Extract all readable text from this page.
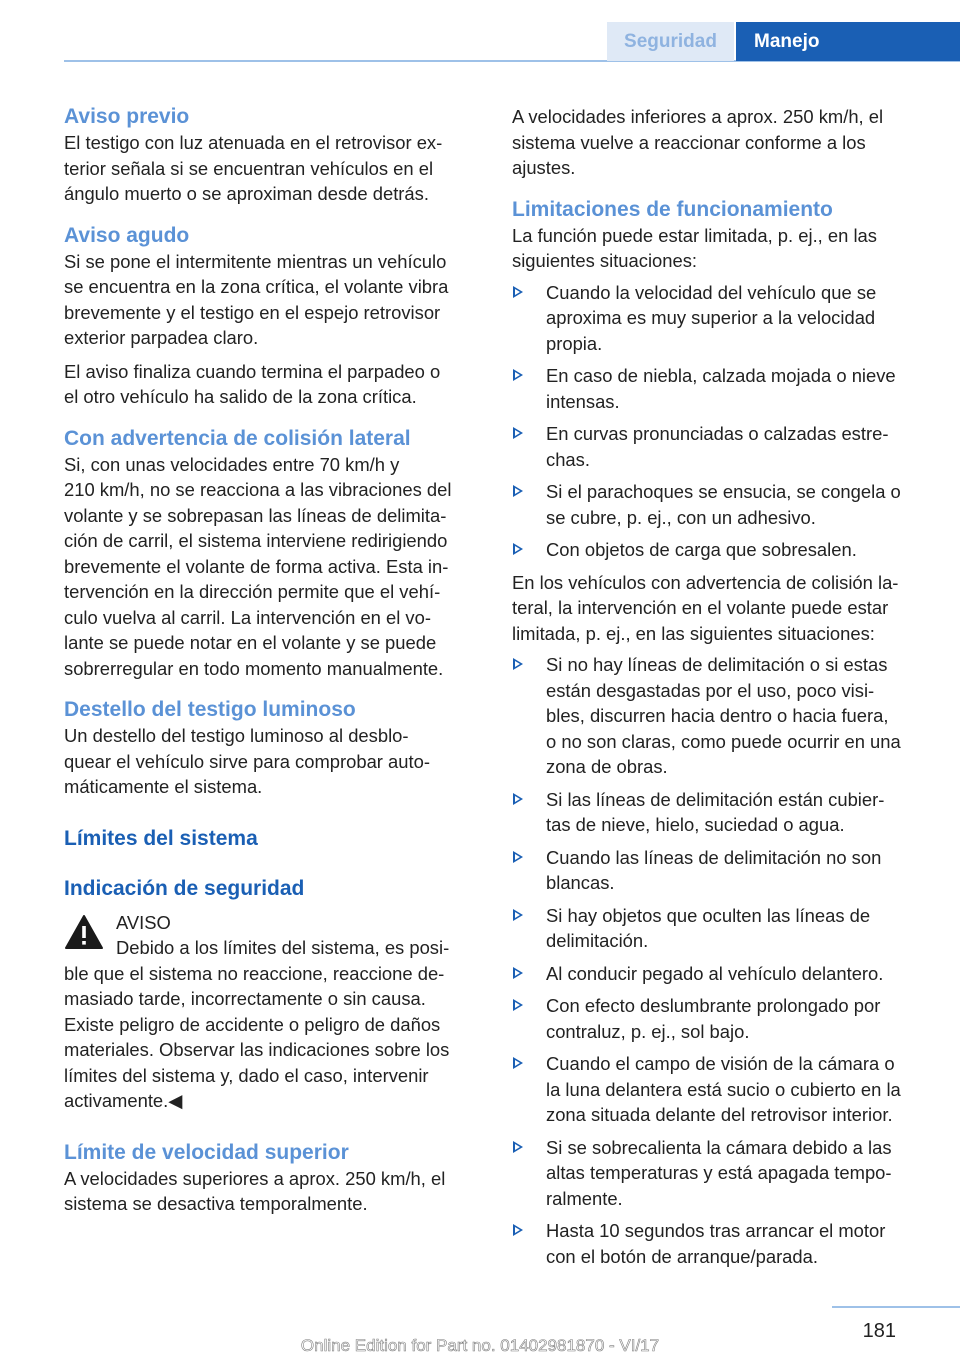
Seguridad	Manejo
Aviso previo

El testigo con luz atenuada en el retrovisor ex‐
terior señala si se encuentran vehículos en el
ángulo muerto o se aproximan desde detrás.

Aviso agudo

Si se pone el intermitente mientras un vehículo
se encuentra en la zona crítica, el volante vibra
brevemente y el testigo en el espejo retrovisor
exterior parpadea claro.

El aviso finaliza cuando termina el parpadeo o
el otro vehículo ha salido de la zona crítica.

Con advertencia de colisión lateral

Si, con unas velocidades entre 70 km/h y
210 km/h, no se reacciona a las vibraciones del
volante y se sobrepasan las líneas de delimita‐
ción de carril, el sistema interviene redirigiendo
brevemente el volante de forma activa. Esta in‐
tervención en la dirección permite que el vehí‐
culo vuelva al carril. La intervención en el vo‐
lante se puede notar en el volante y se puede
sobrerregular en todo momento manualmente.

Destello del testigo luminoso

Un destello del testigo luminoso al desblo‐
quear el vehículo sirve para comprobar auto‐
máticamente el sistema.

Límites del sistema
Indicación de seguridad

AVISO

Debido a los límites del sistema, es posi‐
ble que el sistema no reaccione, reaccione de‐
masiado tarde, incorrectamente o sin causa.
Existe peligro de accidente o peligro de daños
materiales. Observar las indicaciones sobre los
límites del sistema y, dado el caso, intervenir
activamente.◀

Límite de velocidad superior

A velocidades superiores a aprox. 250 km/h, el
sistema se desactiva temporalmente.

A velocidades inferiores a aprox. 250 km/h, el
sistema vuelve a reaccionar conforme a los
ajustes.

Limitaciones de funcionamiento

La función puede estar limitada, p. ej., en las
siguientes situaciones:

Cuando la velocidad del vehículo que se
aproxima es muy superior a la velocidad
propia.
En caso de niebla, calzada mojada o nieve
intensas.
En curvas pronunciadas o calzadas estre‐
chas.
Si el parachoques se ensucia, se congela o
se cubre, p. ej., con un adhesivo.
Con objetos de carga que sobresalen.

En los vehículos con advertencia de colisión la‐
teral, la intervención en el volante puede estar
limitada, p. ej., en las siguientes situaciones:

Si no hay líneas de delimitación o si estas
están desgastadas por el uso, poco visi‐
bles, discurren hacia dentro o hacia fuera,
o no son claras, como puede ocurrir en una
zona de obras.
Si las líneas de delimitación están cubier‐
tas de nieve, hielo, suciedad o agua.
Cuando las líneas de delimitación no son
blancas.
Si hay objetos que oculten las líneas de
delimitación.
Al conducir pegado al vehículo delantero.
Con efecto deslumbrante prolongado por
contraluz, p. ej., sol bajo.
Cuando el campo de visión de la cámara o
la luna delantera está sucio o cubierto en la
zona situada delante del retrovisor interior.
Si se sobrecalienta la cámara debido a las
altas temperaturas y está apagada tempo‐
ralmente.
Hasta 10 segundos tras arrancar el motor
con el botón de arranque/parada.
181
Online Edition for Part no. 01402981870 - VI/17
